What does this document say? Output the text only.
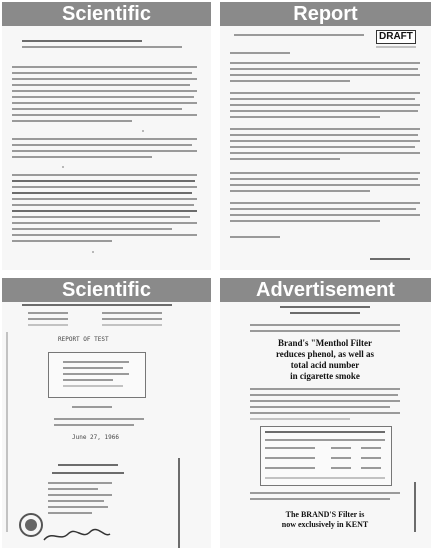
Scientific	Report
DRAFT
Scientific
REPORT OF TEST
June 27, 1966
Advertisement
Brand's "Menthol Filter
reduces phenol, as well as
total acid number
in cigarette smoke
The BRAND'S Filter is
now exclusively in KENT
